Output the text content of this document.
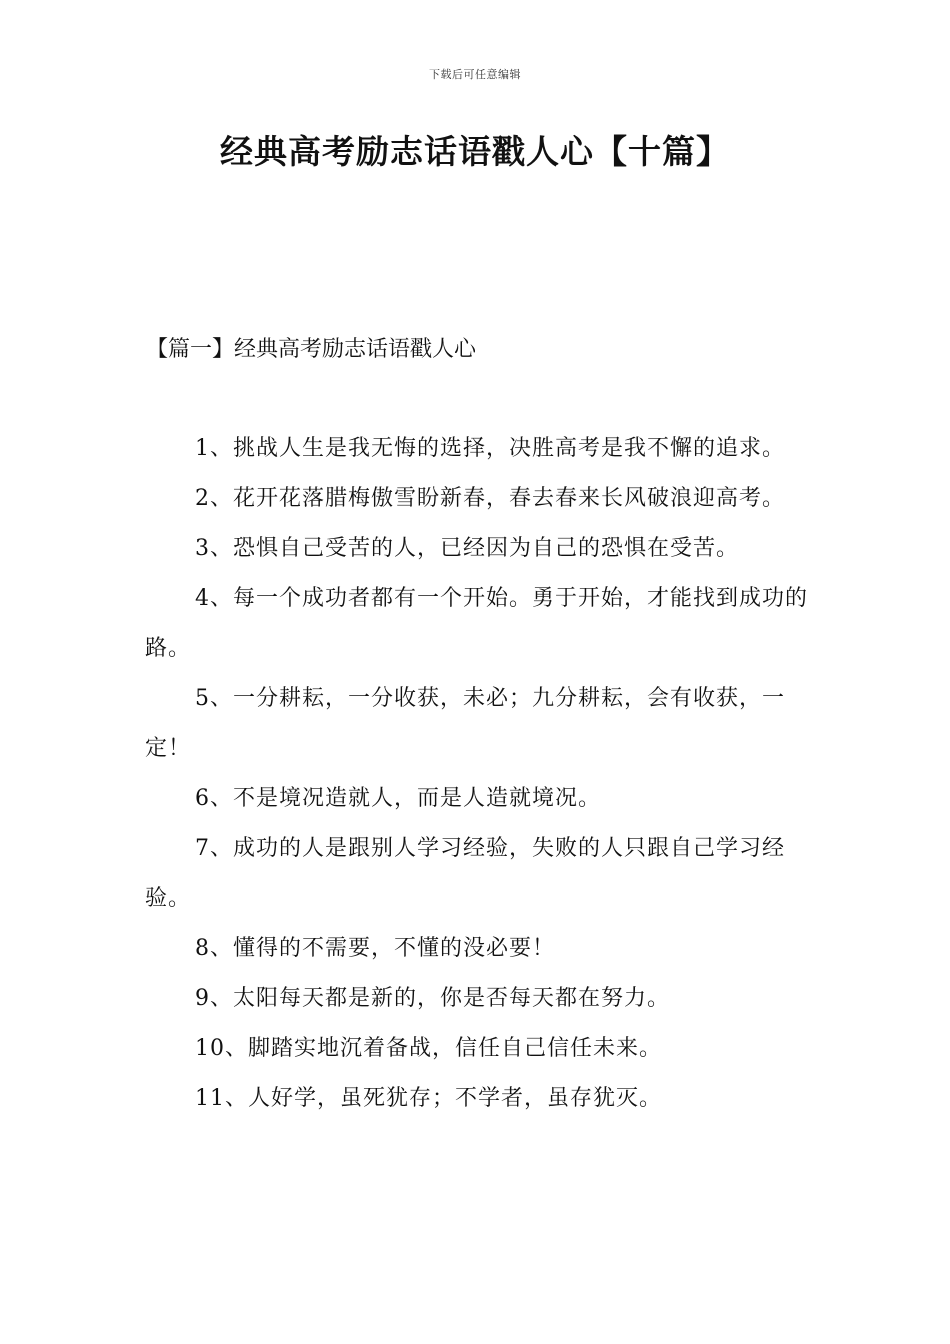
下载后可任意编辑
经典高考励志话语戳人心【十篇】
【篇一】经典高考励志话语戳人心

1、挑战人生是我无悔的选择，决胜高考是我不懈的追求。

2、花开花落腊梅傲雪盼新春，春去春来长风破浪迎高考。

3、恐惧自己受苦的人，已经因为自己的恐惧在受苦。

4、每一个成功者都有一个开始。勇于开始，才能找到成功的路。

5、一分耕耘，一分收获，未必；九分耕耘，会有收获，一定！

6、不是境况造就人，而是人造就境况。

7、成功的人是跟别人学习经验，失败的人只跟自己学习经验。

8、懂得的不需要，不懂的没必要！

9、太阳每天都是新的，你是否每天都在努力。

10、脚踏实地沉着备战，信任自己信任未来。

11、人好学，虽死犹存；不学者，虽存犹灭。
